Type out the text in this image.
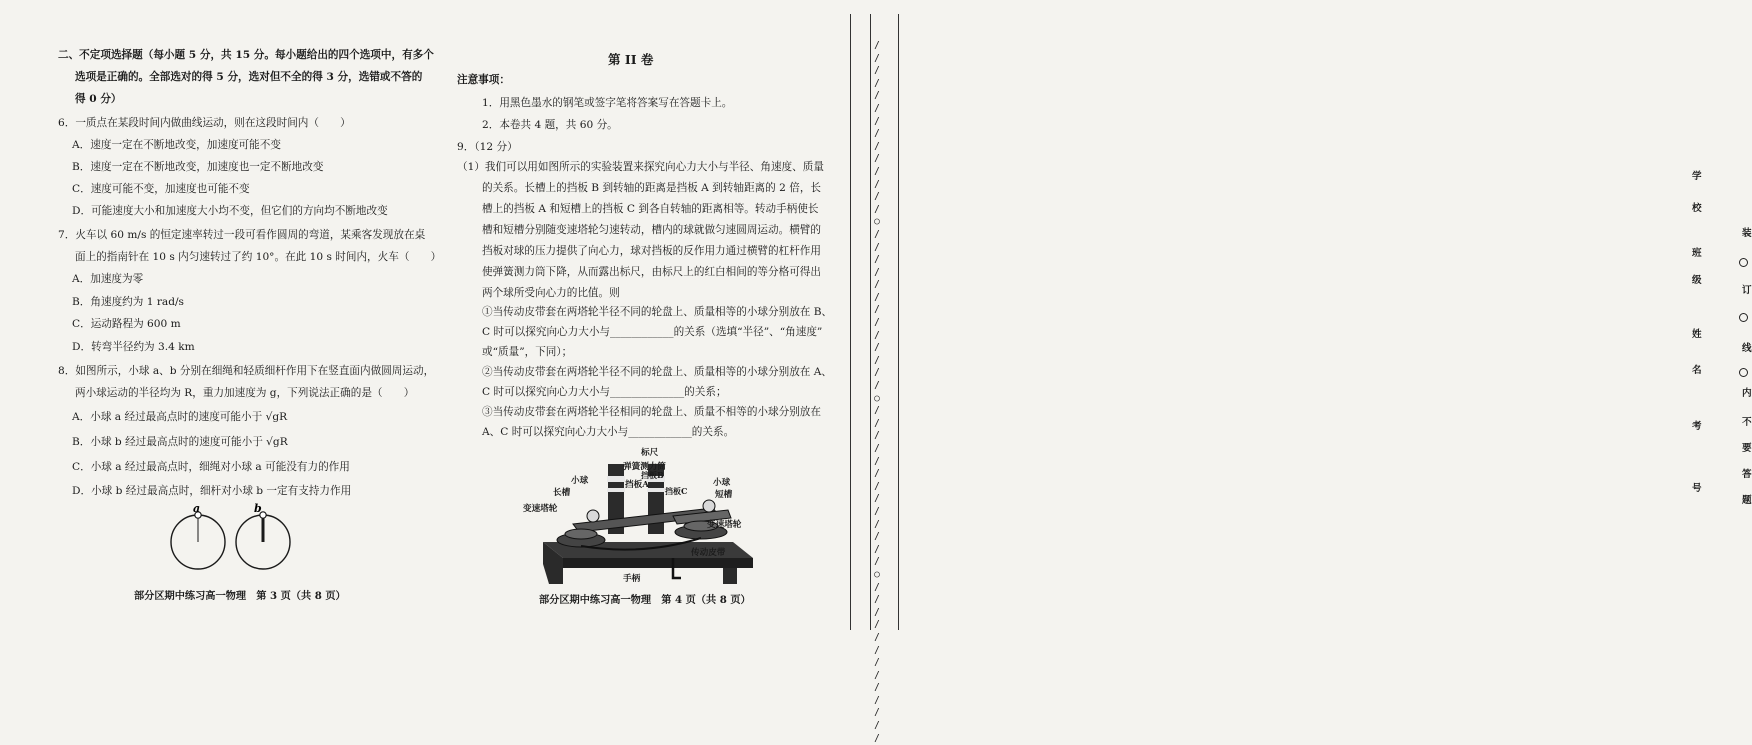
二、不定项选择题（每小题 5 分，共 15 分。每小题给出的四个选项中，有多个
选项是正确的。全部选对的得 5 分，选对但不全的得 3 分，选错或不答的
得 0 分）
6．一质点在某段时间内做曲线运动，则在这段时间内（　　）
A．速度一定在不断地改变，加速度可能不变
B．速度一定在不断地改变，加速度也一定不断地改变
C．速度可能不变，加速度也可能不变
D．可能速度大小和加速度大小均不变，但它们的方向均不断地改变
7．火车以 60 m/s 的恒定速率转过一段可看作圆周的弯道，某乘客发现放在桌
面上的指南针在 10 s 内匀速转过了约 10°。在此 10 s 时间内，火车（　　）
A．加速度为零
B．角速度约为 1 rad/s
C．运动路程为 600 m
D．转弯半径约为 3.4 km
8．如图所示，小球 a、b 分别在细绳和轻质细杆作用下在竖直面内做圆周运动，
两小球运动的半径均为 R，重力加速度为 g，下列说法正确的是（　　）
A．小球 a 经过最高点时的速度可能小于 √gR
B．小球 b 经过最高点时的速度可能小于 √gR
C．小球 a 经过最高点时，细绳对小球 a 可能没有力的作用
D．小球 b 经过最高点时，细杆对小球 b 一定有支持力作用
a	b
部分区期中练习高一物理　第 3 页（共 8 页）
第 II 卷
注意事项：
1．用黑色墨水的钢笔或签字笔将答案写在答题卡上。
2．本卷共 4 题，共 60 分。
9．（12 分）
（1）我们可以用如图所示的实验装置来探究向心力大小与半径、角速度、质量
的关系。长槽上的挡板 B 到转轴的距离是挡板 A 到转轴距离的 2 倍，长
槽上的挡板 A 和短槽上的挡板 C 到各自转轴的距离相等。转动手柄使长
槽和短槽分别随变速塔轮匀速转动，槽内的球就做匀速圆周运动。横臂的
挡板对球的压力提供了向心力，球对挡板的反作用力通过横臂的杠杆作用
使弹簧测力筒下降，从而露出标尺，由标尺上的红白相间的等分格可得出
两个球所受向心力的比值。则
①当传动皮带套在两塔轮半径不同的轮盘上、质量相等的小球分别放在 B、
C 时可以探究向心力大小与____________的关系（选填“半径”、“角速度”
或“质量”，下同）；
②当传动皮带套在两塔轮半径不同的轮盘上、质量相等的小球分别放在 A、
C 时可以探究向心力大小与______________的关系；
③当传动皮带套在两塔轮半径相同的轮盘上、质量不相等的小球分别放在
A、C 时可以探究向心力大小与____________的关系。
标尺
弹簧测力筒
小球	挡板A
挡板B
小球
长槽	短槽
挡板C
变速塔轮
变速塔轮
传动皮带
手柄
部分区期中练习高一物理　第 4 页（共 8 页）
学
校
班
级
姓
名
考
号
装
订
线
内
不
要
答
题
/
/
/
/
/
/
/
/
/
/
/
/
/
/
○
/
/
/
/
/
/
/
/
/
/
/
/
/
○
/
/
/
/
/
/
/
/
/
/
/
/
/
○
/
/
/
/
/
/
/
/
/
/
/
/
/
